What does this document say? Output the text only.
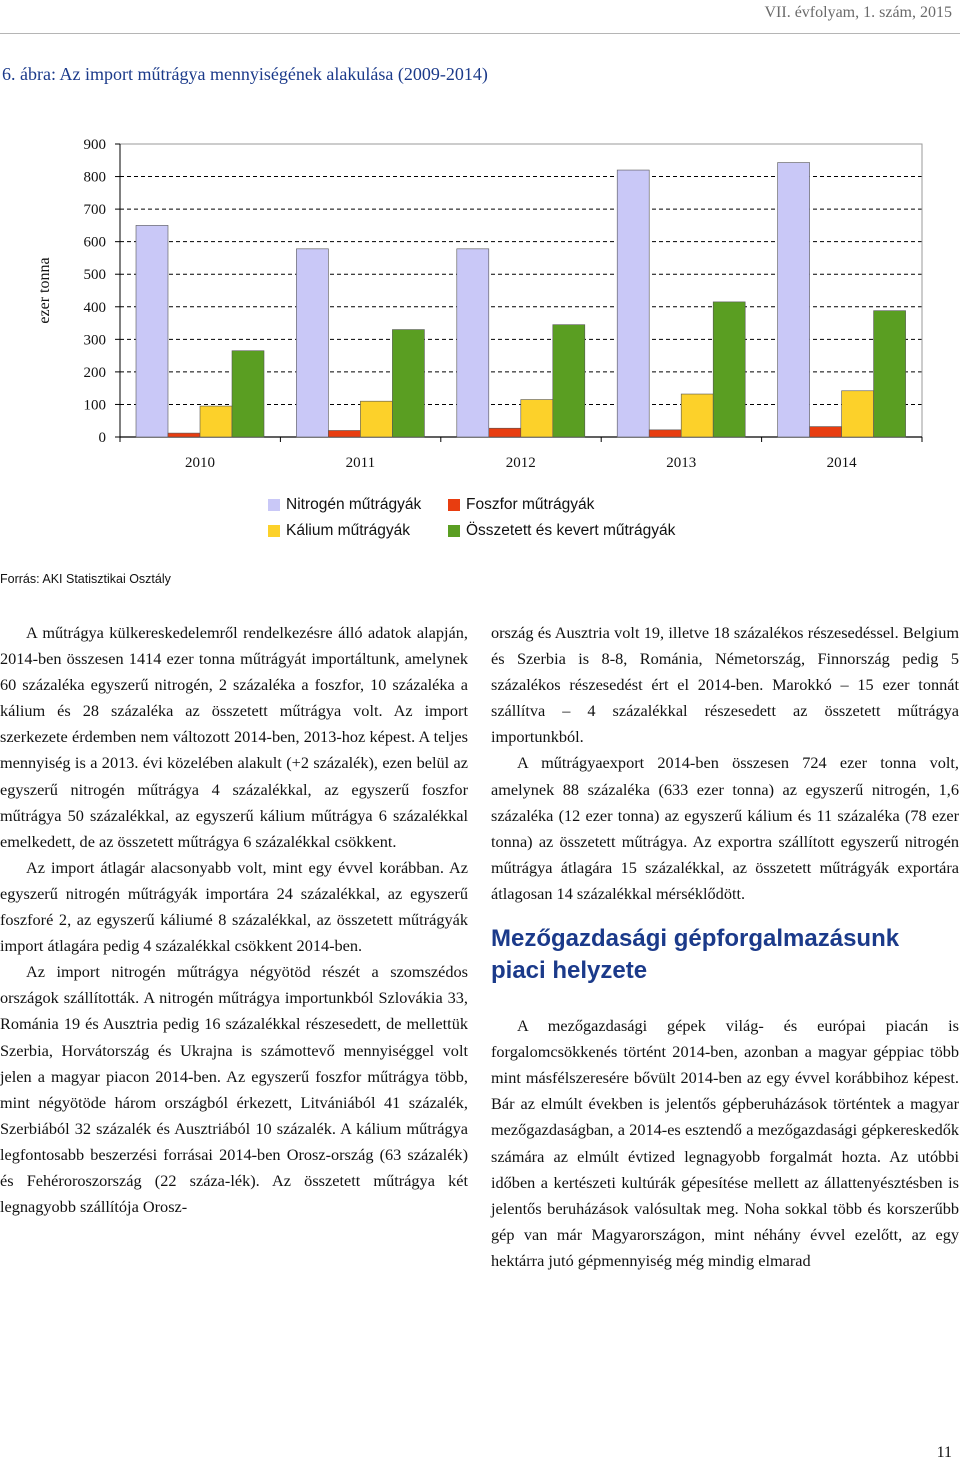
VII. évfolyam, 1. szám, 2015
6. ábra: Az import műtrágya mennyiségének alakulása (2009-2014)
0
100
200
300
400
500
600
700
800
900
ezer tonna
2010	2011	2012	2013	2014
Nitrogén műtrágyák	Foszfor műtrágyák
Kálium műtrágyák	Összetett és kevert műtrágyák
Forrás: AKI Statisztikai Osztály

A műtrágya külkereskedelemről rendelkezésre álló adatok alapján, 2014-ben összesen 1414 ezer tonna műtrágyát importáltunk, amelynek 60 százaléka egyszerű nitrogén, 2 százaléka a foszfor, 10 százaléka a kálium és 28 százaléka az összetett műtrágya volt. Az import szerkezete érdemben nem változott 2014-ben, 2013-hoz képest. A teljes mennyiség is a 2013. évi közelében alakult (+2 százalék), ezen belül az egyszerű nitrogén műtrágya 4 százalékkal, az egyszerű foszfor műtrágya 50 százalékkal, az egyszerű kálium műtrágya 6 százalékkal emelkedett, de az összetett műtrágya 6 százalékkal csökkent.

Az import átlagár alacsonyabb volt, mint egy évvel korábban. Az egyszerű nitrogén műtrágyák importára 24 százalékkal, az egyszerű foszforé 2, az egyszerű káliumé 8 százalékkal, az összetett műtrágyák import átlagára pedig 4 százalékkal csökkent 2014-ben.

Az import nitrogén műtrágya négyötöd részét a szomszédos országok szállították. A nitrogén műtrágya importunkból Szlovákia 33, Románia 19 és Ausztria pedig 16 százalékkal részesedett, de mellettük Szerbia, Horvátország és Ukrajna is számottevő mennyiséggel volt jelen a magyar piacon 2014-ben. Az egyszerű foszfor műtrágya több, mint négyötöde három országból érkezett, Litvániából 41 százalék, Szerbiából 32 százalék és Ausztriából 10 százalék. A kálium műtrágya legfontosabb beszerzési forrásai 2014-ben Orosz-ország (63 százalék) és Fehéroroszország (22 száza-lék). Az összetett műtrágya két legnagyobb szállítója Orosz-

ország és Ausztria volt 19, illetve 18 százalékos részesedéssel. Belgium és Szerbia is 8-8, Románia, Németország, Finnország pedig 5 százalékos részesedést ért el 2014-ben. Marokkó – 15 ezer tonnát szállítva – 4 százalékkal részesedett az összetett műtrágya importunkból.

A műtrágyaexport 2014-ben összesen 724 ezer tonna volt, amelynek 88 százaléka (633 ezer tonna) az egyszerű nitrogén, 1,6 százaléka (12 ezer tonna) az egyszerű kálium és 11 százaléka (78 ezer tonna) az összetett műtrágya. Az exportra szállított egyszerű nitrogén műtrágya átlagára 15 százalékkal, az összetett műtrágyák exportára átlagosan 14 százalékkal mérséklődött.

Mezőgazdasági gépforgalmazásunk piaci helyzete

A mezőgazdasági gépek világ- és európai piacán is forgalomcsökkenés történt 2014-ben, azonban a magyar géppiac több mint másfélszeresére bővült 2014-ben az egy évvel korábbihoz képest. Bár az elmúlt években is jelentős gépberuházások történtek a magyar mezőgazdaságban, a 2014-es esztendő a mezőgazdasági gépkereskedők számára az elmúlt évtized legnagyobb forgalmát hozta. Az utóbbi időben a kertészeti kultúrák gépesítése mellett az állattenyésztésben is jelentős beruházások valósultak meg. Noha sokkal több és korszerűbb gép van már Magyarországon, mint néhány évvel ezelőtt, az egy hektárra jutó gépmennyiség még mindig elmarad

11
